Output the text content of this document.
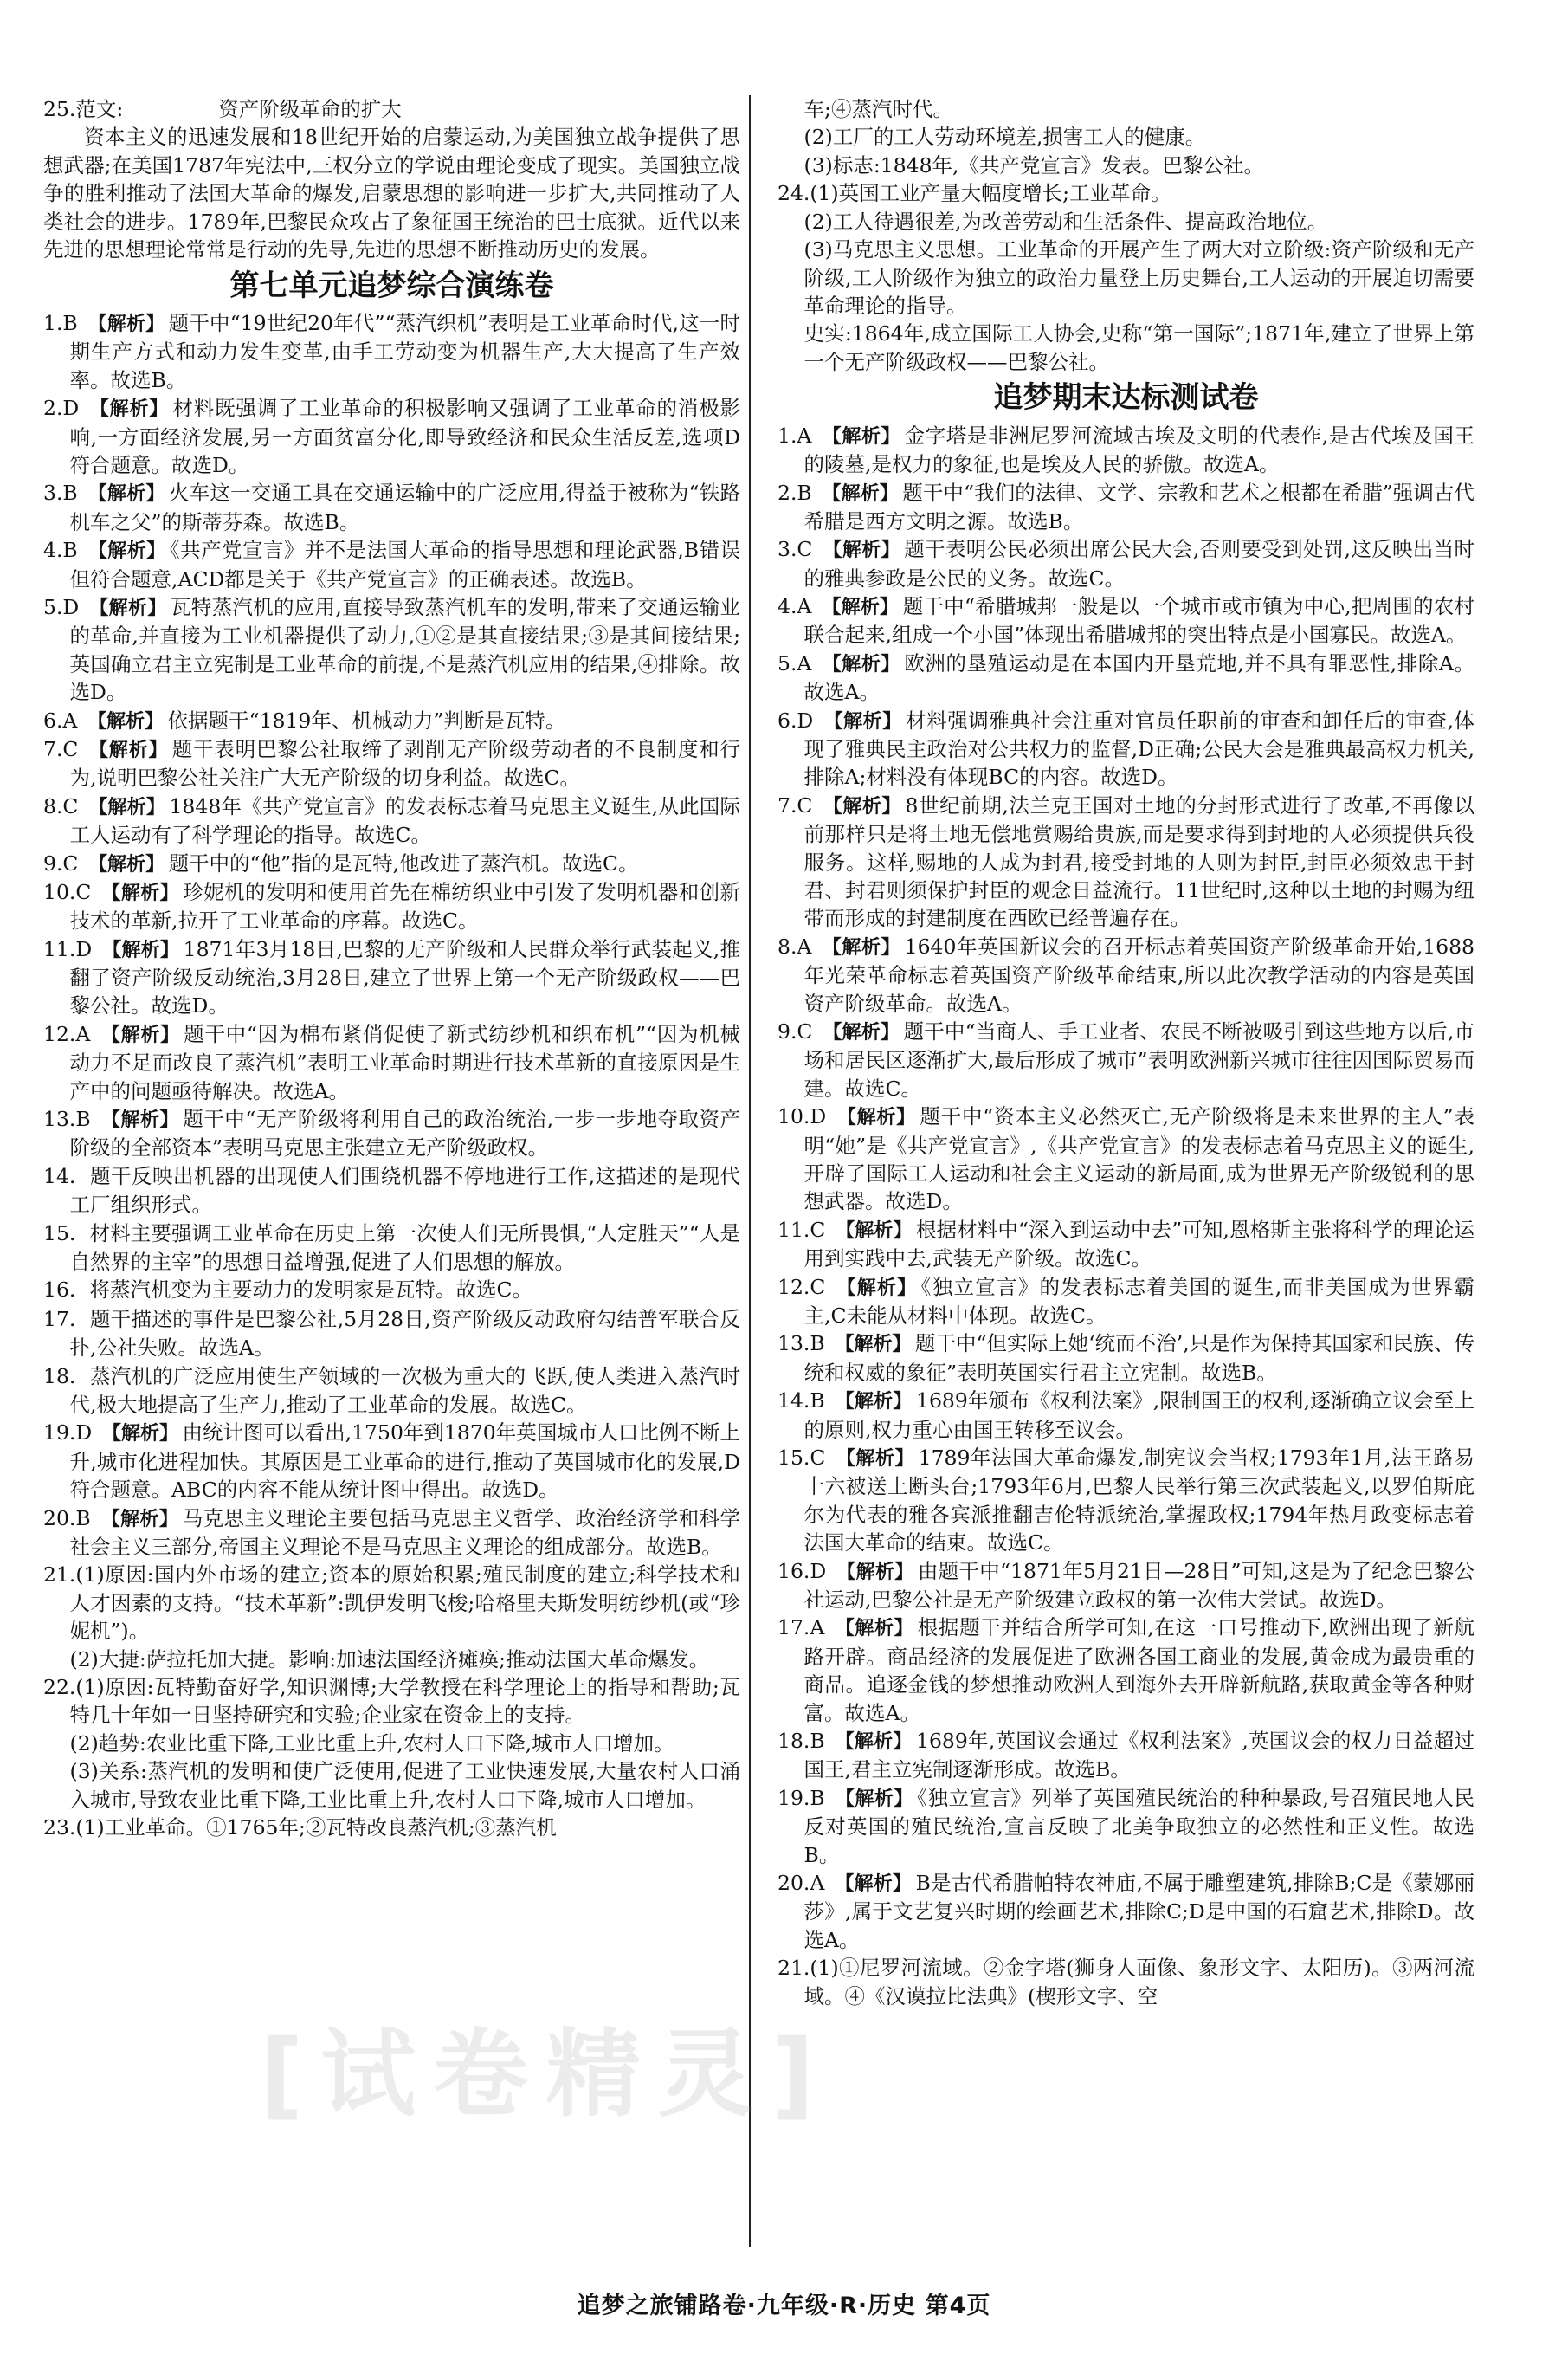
25.范文:	资产阶级革命的扩大

资本主义的迅速发展和18世纪开始的启蒙运动,为美国独立战争提供了思想武器;在美国1787年宪法中,三权分立的学说由理论变成了现实。美国独立战争的胜利推动了法国大革命的爆发,启蒙思想的影响进一步扩大,共同推动了人类社会的进步。1789年,巴黎民众攻占了象征国王统治的巴士底狱。近代以来先进的思想理论常常是行动的先导,先进的思想不断推动历史的发展。

第七单元追梦综合演练卷

1.B 【解析】 题干中“19世纪20年代”“蒸汽织机”表明是工业革命时代,这一时期生产方式和动力发生变革,由手工劳动变为机器生产,大大提高了生产效率。故选B。

2.D 【解析】 材料既强调了工业革命的积极影响又强调了工业革命的消极影响,一方面经济发展,另一方面贫富分化,即导致经济和民众生活反差,选项D符合题意。故选D。

3.B 【解析】 火车这一交通工具在交通运输中的广泛应用,得益于被称为“铁路机车之父”的斯蒂芬森。故选B。

4.B 【解析】 《共产党宣言》并不是法国大革命的指导思想和理论武器,B错误但符合题意,ACD都是关于《共产党宣言》的正确表述。故选B。

5.D 【解析】 瓦特蒸汽机的应用,直接导致蒸汽机车的发明,带来了交通运输业的革命,并直接为工业机器提供了动力,①②是其直接结果;③是其间接结果;英国确立君主立宪制是工业革命的前提,不是蒸汽机应用的结果,④排除。故选D。

6.A 【解析】 依据题干“1819年、机械动力”判断是瓦特。

7.C 【解析】 题干表明巴黎公社取缔了剥削无产阶级劳动者的不良制度和行为,说明巴黎公社关注广大无产阶级的切身利益。故选C。

8.C 【解析】 1848年《共产党宣言》的发表标志着马克思主义诞生,从此国际工人运动有了科学理论的指导。故选C。

9.C 【解析】 题干中的“他”指的是瓦特,他改进了蒸汽机。故选C。

10.C 【解析】 珍妮机的发明和使用首先在棉纺织业中引发了发明机器和创新技术的革新,拉开了工业革命的序幕。故选C。

11.D 【解析】 1871年3月18日,巴黎的无产阶级和人民群众举行武装起义,推翻了资产阶级反动统治,3月28日,建立了世界上第一个无产阶级政权——巴黎公社。故选D。

12.A 【解析】 题干中“因为棉布紧俏促使了新式纺纱机和织布机”“因为机械动力不足而改良了蒸汽机”表明工业革命时期进行技术革新的直接原因是生产中的问题亟待解决。故选A。

13.B 【解析】 题干中“无产阶级将利用自己的政治统治,一步一步地夺取资产阶级的全部资本”表明马克思主张建立无产阶级政权。

14. 题干反映出机器的出现使人们围绕机器不停地进行工作,这描述的是现代工厂组织形式。

15. 材料主要强调工业革命在历史上第一次使人们无所畏惧,“人定胜天”“人是自然界的主宰”的思想日益增强,促进了人们思想的解放。

16. 将蒸汽机变为主要动力的发明家是瓦特。故选C。

17. 题干描述的事件是巴黎公社,5月28日,资产阶级反动政府勾结普军联合反扑,公社失败。故选A。

18. 蒸汽机的广泛应用使生产领域的一次极为重大的飞跃,使人类进入蒸汽时代,极大地提高了生产力,推动了工业革命的发展。故选C。

19.D 【解析】 由统计图可以看出,1750年到1870年英国城市人口比例不断上升,城市化进程加快。其原因是工业革命的进行,推动了英国城市化的发展,D符合题意。ABC的内容不能从统计图中得出。故选D。

20.B 【解析】 马克思主义理论主要包括马克思主义哲学、政治经济学和科学社会主义三部分,帝国主义理论不是马克思主义理论的组成部分。故选B。

21.(1)原因:国内外市场的建立;资本的原始积累;殖民制度的建立;科学技术和人才因素的支持。“技术革新”:凯伊发明飞梭;哈格里夫斯发明纺纱机(或“珍妮机”)。

(2)大捷:萨拉托加大捷。影响:加速法国经济瘫痪;推动法国大革命爆发。

22.(1)原因:瓦特勤奋好学,知识渊博;大学教授在科学理论上的指导和帮助;瓦特几十年如一日坚持研究和实验;企业家在资金上的支持。

(2)趋势:农业比重下降,工业比重上升,农村人口下降,城市人口增加。

(3)关系:蒸汽机的发明和使广泛使用,促进了工业快速发展,大量农村人口涌入城市,导致农业比重下降,工业比重上升,农村人口下降,城市人口增加。

23.(1)工业革命。①1765年;②瓦特改良蒸汽机;③蒸汽机

车;④蒸汽时代。

(2)工厂的工人劳动环境差,损害工人的健康。

(3)标志:1848年,《共产党宣言》发表。巴黎公社。

24.(1)英国工业产量大幅度增长;工业革命。

(2)工人待遇很差,为改善劳动和生活条件、提高政治地位。

(3)马克思主义思想。工业革命的开展产生了两大对立阶级:资产阶级和无产阶级,工人阶级作为独立的政治力量登上历史舞台,工人运动的开展迫切需要革命理论的指导。

史实:1864年,成立国际工人协会,史称“第一国际”;1871年,建立了世界上第一个无产阶级政权——巴黎公社。

追梦期末达标测试卷

1.A 【解析】 金字塔是非洲尼罗河流域古埃及文明的代表作,是古代埃及国王的陵墓,是权力的象征,也是埃及人民的骄傲。故选A。

2.B 【解析】 题干中“我们的法律、文学、宗教和艺术之根都在希腊”强调古代希腊是西方文明之源。故选B。

3.C 【解析】 题干表明公民必须出席公民大会,否则要受到处罚,这反映出当时的雅典参政是公民的义务。故选C。

4.A 【解析】 题干中“希腊城邦一般是以一个城市或市镇为中心,把周围的农村联合起来,组成一个小国”体现出希腊城邦的突出特点是小国寡民。故选A。

5.A 【解析】 欧洲的垦殖运动是在本国内开垦荒地,并不具有罪恶性,排除A。故选A。

6.D 【解析】 材料强调雅典社会注重对官员任职前的审查和卸任后的审查,体现了雅典民主政治对公共权力的监督,D正确;公民大会是雅典最高权力机关,排除A;材料没有体现BC的内容。故选D。

7.C 【解析】 8世纪前期,法兰克王国对土地的分封形式进行了改革,不再像以前那样只是将土地无偿地赏赐给贵族,而是要求得到封地的人必须提供兵役服务。这样,赐地的人成为封君,接受封地的人则为封臣,封臣必须效忠于封君、封君则须保护封臣的观念日益流行。11世纪时,这种以土地的封赐为纽带而形成的封建制度在西欧已经普遍存在。

8.A 【解析】 1640年英国新议会的召开标志着英国资产阶级革命开始,1688年光荣革命标志着英国资产阶级革命结束,所以此次教学活动的内容是英国资产阶级革命。故选A。

9.C 【解析】 题干中“当商人、手工业者、农民不断被吸引到这些地方以后,市场和居民区逐渐扩大,最后形成了城市”表明欧洲新兴城市往往因国际贸易而建。故选C。

10.D 【解析】 题干中“资本主义必然灭亡,无产阶级将是未来世界的主人”表明“她”是《共产党宣言》,《共产党宣言》的发表标志着马克思主义的诞生,开辟了国际工人运动和社会主义运动的新局面,成为世界无产阶级锐利的思想武器。故选D。

11.C 【解析】 根据材料中“深入到运动中去”可知,恩格斯主张将科学的理论运用到实践中去,武装无产阶级。故选C。

12.C 【解析】 《独立宣言》的发表标志着美国的诞生,而非美国成为世界霸主,C未能从材料中体现。故选C。

13.B 【解析】 题干中“但实际上她‘统而不治’,只是作为保持其国家和民族、传统和权威的象征”表明英国实行君主立宪制。故选B。

14.B 【解析】 1689年颁布《权利法案》,限制国王的权利,逐渐确立议会至上的原则,权力重心由国王转移至议会。

15.C 【解析】 1789年法国大革命爆发,制宪议会当权;1793年1月,法王路易十六被送上断头台;1793年6月,巴黎人民举行第三次武装起义,以罗伯斯庇尔为代表的雅各宾派推翻吉伦特派统治,掌握政权;1794年热月政变标志着法国大革命的结束。故选C。

16.D 【解析】 由题干中“1871年5月21日—28日”可知,这是为了纪念巴黎公社运动,巴黎公社是无产阶级建立政权的第一次伟大尝试。故选D。

17.A 【解析】 根据题干并结合所学可知,在这一口号推动下,欧洲出现了新航路开辟。商品经济的发展促进了欧洲各国工商业的发展,黄金成为最贵重的商品。追逐金钱的梦想推动欧洲人到海外去开辟新航路,获取黄金等各种财富。故选A。

18.B 【解析】 1689年,英国议会通过《权利法案》,英国议会的权力日益超过国王,君主立宪制逐渐形成。故选B。

19.B 【解析】 《独立宣言》列举了英国殖民统治的种种暴政,号召殖民地人民反对英国的殖民统治,宣言反映了北美争取独立的必然性和正义性。故选B。

20.A 【解析】 B是古代希腊帕特农神庙,不属于雕塑建筑,排除B;C是《蒙娜丽莎》,属于文艺复兴时期的绘画艺术,排除C;D是中国的石窟艺术,排除D。故选A。

21.(1)①尼罗河流域。②金字塔(狮身人面像、象形文字、太阳历)。③两河流域。④《汉谟拉比法典》(楔形文字、空

[试卷精灵]
追梦之旅铺路卷·九年级·R·历史 第4页
